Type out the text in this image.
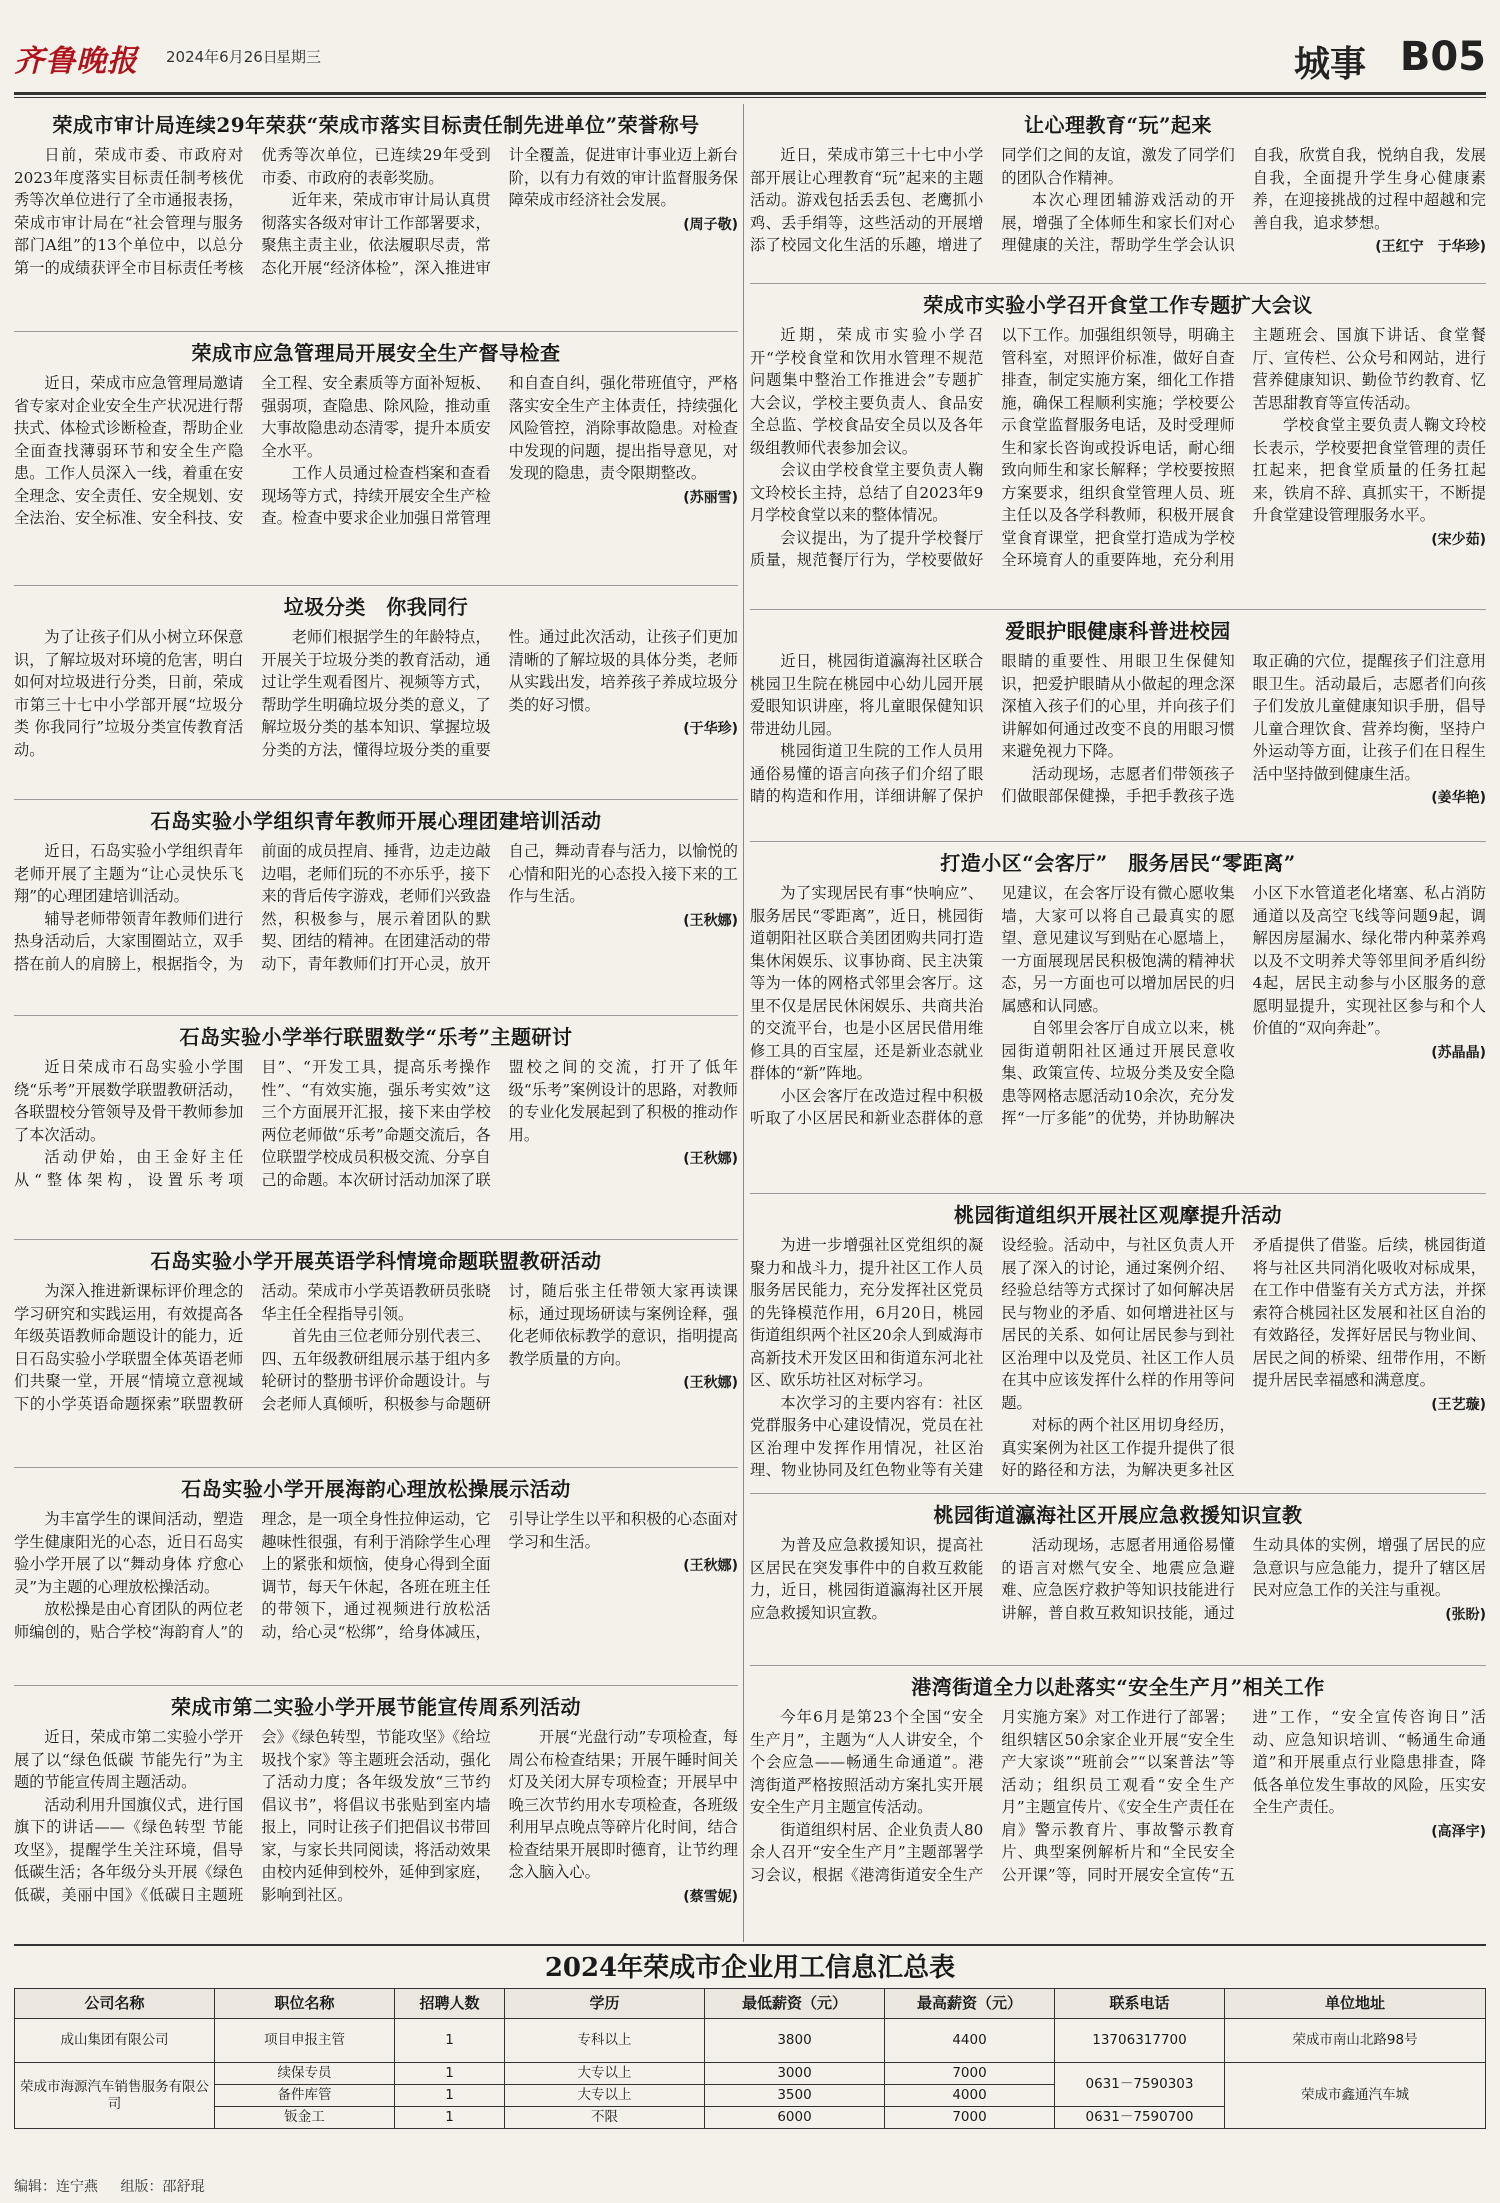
齐鲁晚报 2024年6月26日
星期三	城事 B05
荣成市审计局连续29年荣获“荣成市落实目标责任制先进单位”荣誉称号

日前，荣成市委、市政府对2023年度落实目标责任制考核优秀等次单位进行了全市通报表扬，荣成市审计局在“社会管理与服务部门A组”的13个单位中，以总分第一的成绩获评全市目标责任考核优秀等次单位，已连续29年受到市委、市政府的表彰奖励。

近年来，荣成市审计局认真贯彻落实各级对审计工作部署要求，聚焦主责主业，依法履职尽责，常态化开展“经济体检”，深入推进审计全覆盖，促进审计事业迈上新台阶，以有力有效的审计监督服务保障荣成市经济社会发展。

(周子敬)
荣成市应急管理局开展安全生产督导检查

近日，荣成市应急管理局邀请省专家对企业安全生产状况进行帮扶式、体检式诊断检查，帮助企业全面查找薄弱环节和安全生产隐患。工作人员深入一线，着重在安全理念、安全责任、安全规划、安全法治、安全标准、安全科技、安全工程、安全素质等方面补短板、强弱项，查隐患、除风险，推动重大事故隐患动态清零，提升本质安全水平。

工作人员通过检查档案和查看现场等方式，持续开展安全生产检查。检查中要求企业加强日常管理和自查自纠，强化带班值守，严格落实安全生产主体责任，持续强化风险管控，消除事故隐患。对检查中发现的问题，提出指导意见，对发现的隐患，责令限期整改。

(苏丽雪)
垃圾分类　你我同行

为了让孩子们从小树立环保意识，了解垃圾对环境的危害，明白如何对垃圾进行分类，日前，荣成市第三十七中小学部开展“垃圾分类 你我同行”垃圾分类宣传教育活动。

老师们根据学生的年龄特点，开展关于垃圾分类的教育活动，通过让学生观看图片、视频等方式，帮助学生明确垃圾分类的意义，了解垃圾分类的基本知识、掌握垃圾分类的方法，懂得垃圾分类的重要性。通过此次活动，让孩子们更加清晰的了解垃圾的具体分类，老师从实践出发，培养孩子养成垃圾分类的好习惯。

(于华珍)
石岛实验小学组织青年教师开展心理团建培训活动

近日，石岛实验小学组织青年老师开展了主题为“让心灵快乐飞翔”的心理团建培训活动。

辅导老师带领青年教师们进行热身活动后，大家围圈站立，双手搭在前人的肩膀上，根据指令，为前面的成员捏肩、捶背，边走边敲边唱，老师们玩的不亦乐乎，接下来的背后传字游戏，老师们兴致盎然，积极参与，展示着团队的默契、团结的精神。在团建活动的带动下，青年教师们打开心灵，放开自己，舞动青春与活力，以愉悦的心情和阳光的心态投入接下来的工作与生活。

(王秋娜)
石岛实验小学举行联盟数学“乐考”主题研讨

近日荣成市石岛实验小学围绕“乐考”开展数学联盟教研活动，各联盟校分管领导及骨干教师参加了本次活动。

活动伊始，由王金好主任从“整体架构，设置乐考项目”、“开发工具，提高乐考操作性”、“有效实施，强乐考实效”这三个方面展开汇报，接下来由学校两位老师做“乐考”命题交流后，各位联盟学校成员积极交流、分享自己的命题。本次研讨活动加深了联盟校之间的交流，打开了低年级“乐考”案例设计的思路，对教师的专业化发展起到了积极的推动作用。

(王秋娜)
石岛实验小学开展英语学科情境命题联盟教研活动

为深入推进新课标评价理念的学习研究和实践运用，有效提高各年级英语教师命题设计的能力，近日石岛实验小学联盟全体英语老师们共聚一堂，开展“情境立意视域下的小学英语命题探索”联盟教研活动。荣成市小学英语教研员张晓华主任全程指导引领。

首先由三位老师分别代表三、四、五年级教研组展示基于组内多轮研讨的整册书评价命题设计。与会老师人真倾听，积极参与命题研讨，随后张主任带领大家再读课标，通过现场研读与案例诠释，强化老师依标教学的意识，指明提高教学质量的方向。

(王秋娜)
石岛实验小学开展海韵心理放松操展示活动

为丰富学生的课间活动，塑造学生健康阳光的心态，近日石岛实验小学开展了以“舞动身体 疗愈心灵”为主题的心理放松操活动。

放松操是由心育团队的两位老师编创的，贴合学校“海韵育人”的理念，是一项全身性拉伸运动，它趣味性很强，有利于消除学生心理上的紧张和烦恼，使身心得到全面调节，每天午休起，各班在班主任的带领下，通过视频进行放松活动，给心灵“松绑”，给身体减压，引导让学生以平和积极的心态面对学习和生活。

(王秋娜)
荣成市第二实验小学开展节能宣传周系列活动

近日，荣成市第二实验小学开展了以“绿色低碳 节能先行”为主题的节能宣传周主题活动。

活动利用升国旗仪式，进行国旗下的讲话——《绿色转型 节能攻坚》，提醒学生关注环境，倡导低碳生活；各年级分头开展《绿色低碳，美丽中国》《低碳日主题班会》《绿色转型，节能攻坚》《给垃圾找个家》等主题班会活动，强化了活动力度；各年级发放“三节约倡议书”，将倡议书张贴到室内墙报上，同时让孩子们把倡议书带回家，与家长共同阅读，将活动效果由校内延伸到校外，延伸到家庭，影响到社区。

开展“光盘行动”专项检查，每周公布检查结果；开展午睡时间关灯及关闭大屏专项检查；开展早中晚三次节约用水专项检查，各班级利用早点晚点等碎片化时间，结合检查结果开展即时德育，让节约理念入脑入心。

(蔡雪妮)
让心理教育“玩”起来

近日，荣成市第三十七中小学部开展让心理教育“玩”起来的主题活动。游戏包括丢丢包、老鹰抓小鸡、丢手绢等，这些活动的开展增添了校园文化生活的乐趣，增进了同学们之间的友谊，激发了同学们的团队合作精神。

本次心理团辅游戏活动的开展，增强了全体师生和家长们对心理健康的关注，帮助学生学会认识自我，欣赏自我，悦纳自我，发展自我，全面提升学生身心健康素养，在迎接挑战的过程中超越和完善自我，追求梦想。

(王红宁　于华珍)
荣成市实验小学召开食堂工作专题扩大会议

近期，荣成市实验小学召开“学校食堂和饮用水管理不规范问题集中整治工作推进会”专题扩大会议，学校主要负责人、食品安全总监、学校食品安全员以及各年级组教师代表参加会议。

会议由学校食堂主要负责人鞠文玲校长主持，总结了自2023年9月学校食堂以来的整体情况。

会议提出，为了提升学校餐厅质量，规范餐厅行为，学校要做好以下工作。加强组织领导，明确主管科室，对照评价标准，做好自查排查，制定实施方案，细化工作措施，确保工程顺利实施；学校要公示食堂监督服务电话，及时受理师生和家长咨询或投诉电话，耐心细致向师生和家长解释；学校要按照方案要求，组织食堂管理人员、班主任以及各学科教师，积极开展食堂食育课堂，把食堂打造成为学校全环境育人的重要阵地，充分利用主题班会、国旗下讲话、食堂餐厅、宣传栏、公众号和网站，进行营养健康知识、勤俭节约教育、忆苦思甜教育等宣传活动。

学校食堂主要负责人鞠文玲校长表示，学校要把食堂管理的责任扛起来，把食堂质量的任务扛起来，铁肩不辞、真抓实干，不断提升食堂建设管理服务水平。

(宋少茹)
爱眼护眼健康科普进校园

近日，桃园街道瀛海社区联合桃园卫生院在桃园中心幼儿园开展爱眼知识讲座，将儿童眼保健知识带进幼儿园。

桃园街道卫生院的工作人员用通俗易懂的语言向孩子们介绍了眼睛的构造和作用，详细讲解了保护眼睛的重要性、用眼卫生保健知识，把爱护眼睛从小做起的理念深深植入孩子们的心里，并向孩子们讲解如何通过改变不良的用眼习惯来避免视力下降。

活动现场，志愿者们带领孩子们做眼部保健操，手把手教孩子选取正确的穴位，提醒孩子们注意用眼卫生。活动最后，志愿者们向孩子们发放儿童健康知识手册，倡导儿童合理饮食、营养均衡，坚持户外运动等方面，让孩子们在日程生活中坚持做到健康生活。

(姜华艳)
打造小区“会客厅”　服务居民“零距离”

为了实现居民有事“快响应”、服务居民“零距离”，近日，桃园街道朝阳社区联合美团团购共同打造集休闲娱乐、议事协商、民主决策等为一体的网格式邻里会客厅。这里不仅是居民休闲娱乐、共商共治的交流平台，也是小区居民借用维修工具的百宝屋，还是新业态就业群体的“新”阵地。

小区会客厅在改造过程中积极听取了小区居民和新业态群体的意见建议，在会客厅设有微心愿收集墙，大家可以将自己最真实的愿望、意见建议写到贴在心愿墙上，一方面展现居民积极饱满的精神状态，另一方面也可以增加居民的归属感和认同感。

自邻里会客厅自成立以来，桃园街道朝阳社区通过开展民意收集、政策宣传、垃圾分类及安全隐患等网格志愿活动10余次，充分发挥“一厅多能”的优势，并协助解决小区下水管道老化堵塞、私占消防通道以及高空飞线等问题9起，调解因房屋漏水、绿化带内种菜养鸡以及不文明养犬等邻里间矛盾纠纷4起，居民主动参与小区服务的意愿明显提升，实现社区参与和个人价值的“双向奔赴”。

(苏晶晶)
桃园街道组织开展社区观摩提升活动

为进一步增强社区党组织的凝聚力和战斗力，提升社区工作人员服务居民能力，充分发挥社区党员的先锋模范作用，6月20日，桃园街道组织两个社区20余人到威海市高新技术开发区田和街道东河北社区、欧乐坊社区对标学习。

本次学习的主要内容有：社区党群服务中心建设情况，党员在社区治理中发挥作用情况，社区治理、物业协同及红色物业等有关建设经验。活动中，与社区负责人开展了深入的讨论，通过案例介绍、经验总结等方式探讨了如何解决居民与物业的矛盾、如何增进社区与居民的关系、如何让居民参与到社区治理中以及党员、社区工作人员在其中应该发挥什么样的作用等问题。

对标的两个社区用切身经历，真实案例为社区工作提升提供了很好的路径和方法，为解决更多社区矛盾提供了借鉴。后续，桃园街道将与社区共同消化吸收对标成果，在工作中借鉴有关方式方法，并探索符合桃园社区发展和社区自治的有效路径，发挥好居民与物业间、居民之间的桥梁、纽带作用，不断提升居民幸福感和满意度。

(王艺璇)
桃园街道瀛海社区开展应急救援知识宣教

为普及应急救援知识，提高社区居民在突发事件中的自救互救能力，近日，桃园街道瀛海社区开展应急救援知识宣教。

活动现场，志愿者用通俗易懂的语言对燃气安全、地震应急避难、应急医疗救护等知识技能进行讲解，普自救互救知识技能，通过生动具体的实例，增强了居民的应急意识与应急能力，提升了辖区居民对应急工作的关注与重视。

(张盼)
港湾街道全力以赴落实“安全生产月”相关工作

今年6月是第23个全国“安全生产月”，主题为“人人讲安全，个个会应急——畅通生命通道”。港湾街道严格按照活动方案扎实开展安全生产月主题宣传活动。

街道组织村居、企业负责人80余人召开“安全生产月”主题部署学习会议，根据《港湾街道安全生产月实施方案》对工作进行了部署；组织辖区50余家企业开展“安全生产大家谈”“班前会”“以案普法”等活动；组织员工观看“安全生产月”主题宣传片、《安全生产责任在肩》警示教育片、事故警示教育片、典型案例解析片和“全民安全公开课”等，同时开展安全宣传“五进”工作，“安全宣传咨询日”活动、应急知识培训、“畅通生命通道”和开展重点行业隐患排查，降低各单位发生事故的风险，压实安全生产责任。

(高泽宇)
2024年荣成市企业用工信息汇总表
公司名称	职位名称	招聘人数	学历	最低薪资（元）	最高薪资（元）	联系电话	单位地址
成山集团有限公司	项目申报主管	1	专科以上	3800	4400	13706317700	荣成市南山北路98号
荣成市海源汽车销售服务有限公司	续保专员	1	大专以上	3000	7000	0631－7590303	荣成市鑫通汽车城
	备件库管	1	大专以上	3500	4000		
	钣金工	1	不限	6000	7000	0631－7590700	
编辑：连宁燕 组版：邵舒琨
